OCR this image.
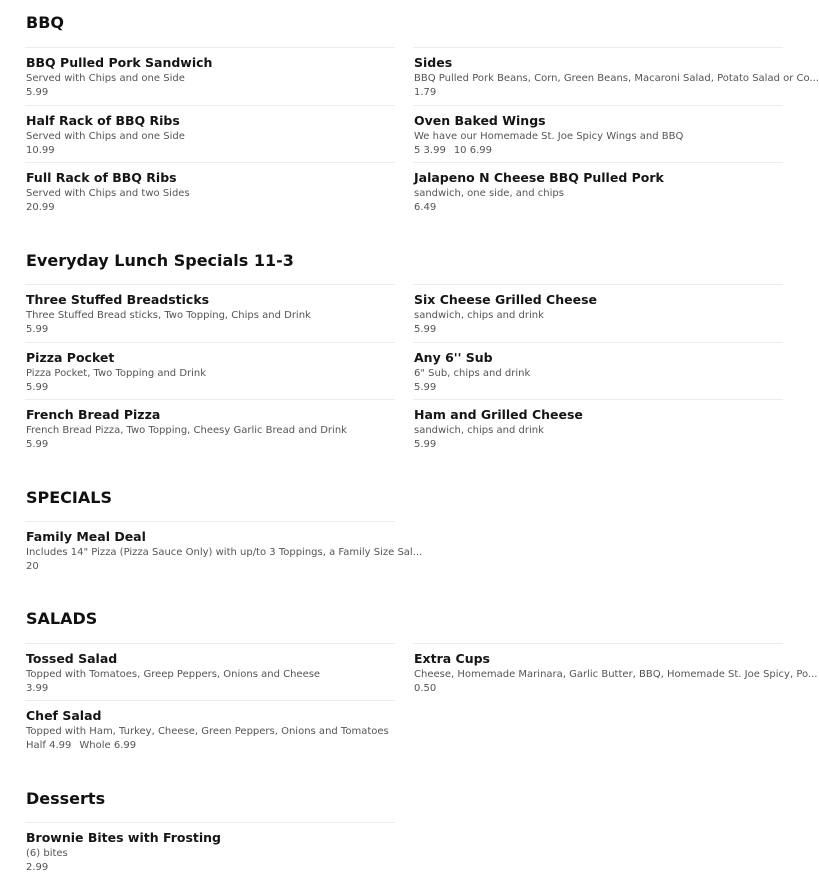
BBQ
BBQ Pulled Pork Sandwich
Served with Chips and one Side
5.99
Half Rack of BBQ Ribs
Served with Chips and one Side
10.99
Full Rack of BBQ Ribs
Served with Chips and two Sides
20.99
Sides
BBQ Pulled Pork Beans, Corn, Green Beans, Macaroni Salad, Potato Salad or Co...
1.79
Oven Baked Wings
We have our Homemade St. Joe Spicy Wings and BBQ
5 3.99 10 6.99
Jalapeno N Cheese BBQ Pulled Pork
sandwich, one side, and chips
6.49
Everyday Lunch Specials 11-3
Three Stuffed Breadsticks
Three Stuffed Bread sticks, Two Topping, Chips and Drink
5.99
Pizza Pocket
Pizza Pocket, Two Topping and Drink
5.99
French Bread Pizza
French Bread Pizza, Two Topping, Cheesy Garlic Bread and Drink
5.99
Six Cheese Grilled Cheese
sandwich, chips and drink
5.99
Any 6'' Sub
6" Sub, chips and drink
5.99
Ham and Grilled Cheese
sandwich, chips and drink
5.99
SPECIALS
Family Meal Deal
Includes 14" Pizza (Pizza Sauce Only) with up/to 3 Toppings, a Family Size Sal...
20
SALADS
Tossed Salad
Topped with Tomatoes, Greep Peppers, Onions and Cheese
3.99
Chef Salad
Topped with Ham, Turkey, Cheese, Green Peppers, Onions and Tomatoes
Half 4.99 Whole 6.99
Extra Cups
Cheese, Homemade Marinara, Garlic Butter, BBQ, Homemade St. Joe Spicy, Po...
0.50
Desserts
Brownie Bites with Frosting
(6) bites
2.99
